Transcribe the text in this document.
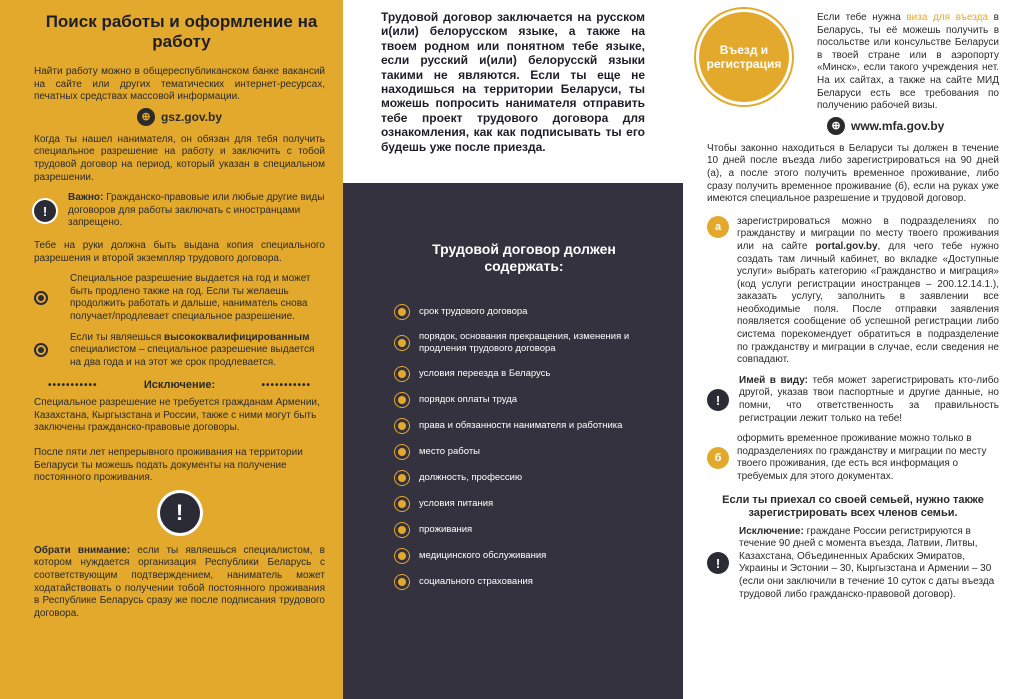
Поиск работы и оформление на работу

Найти работу можно в общереспубликанском банке вакансий на сайте или других тематических интернет-ресурсах, печатных средствах массовой информации.

⊕ gsz.gov.by

Когда ты нашел нанимателя, он обязан для тебя получить специальное разрешение на работу и заключить с тобой трудовой договор на период, который указан в специальном разрешении.

!

Важно: Гражданско-правовые или любые другие виды договоров для работы заключать с иностранцами запрещено.

Тебе на руки должна быть выдана копия специального разрешения и второй экземпляр трудового договора.

Специальное разрешение выдается на год и может быть продлено также на год. Если ты желаешь продолжить работать и дальше, наниматель снова получает/продлевает специальное разрешение.

Если ты являешься высококвалифицированным специалистом – специальное разрешение выдается на два года и на этот же срок продлевается.

•••••••••••	Исключение:	•••••••••••

Специальное разрешение не требуется гражданам Армении, Казахстана, Кыргызстана и России, также с ними могут быть заключены гражданско-правовые договоры.

После пяти лет непрерывного проживания на территории Беларуси ты можешь подать документы на получение постоянного проживания.

!

Обрати внимание: если ты являешься специалистом, в котором нуждается организация Республики Беларусь с соответствующим подтверждением, наниматель может ходатайствовать о получении тобой постоянного проживания в Республике Беларусь сразу же после подписания трудового договора.

Трудовой договор заключается на русском и(или) белорусском языке, а также на твоем родном или понятном тебе языке, если русский и(или) белорусскй языки такими не являются. Если ты еще не находишься на территории Беларуси, ты можешь попросить нанимателя отправить тебе проект трудового договора для ознакомления, как как подписывать ты его будешь уже после приезда.

Трудовой договор должен содержать:
срок трудового договора
порядок, основания прекращения, изменения и продления трудового договора
условия переезда в Беларусь
порядок оплаты труда
права и обязанности нанимателя и работника
место работы
должность, профессию
условия питания
проживания
медицинского обслуживания
социального страхования
Въезд и регистрация

Если тебе нужна виза для въезда в Беларусь, ты её можешь получить в посольстве или консульстве Беларуси в твоей стране или в аэропорту «Минск», если такого учреждения нет. На их сайтах, а также на сайте МИД Беларуси есть все требования по получению рабочей визы.

⊕ www.mfa.gov.by

Чтобы законно находиться в Беларуси ты должен в течение 10 дней после въезда либо зарегистрироваться на 90 дней (а), а после этого получить временное проживание, либо сразу получить временное проживание (б), если на руках уже имеются специальное разрешение и трудовой договор.

а	зарегистрироваться можно в подразделениях по гражданству и миграции по месту твоего проживания или на сайте portal.gov.by, для чего тебе нужно создать там личный кабинет, во вкладке «Доступные услуги» выбрать категорию «Гражданство и миграция» (код услуги регистрации иностранцев – 200.12.14.1.), заказать услугу, заполнить в заявлении все необходимые поля. После отправки заявления появляется сообщение об успешной регистрации либо система порекомендует обратиться в подразделение по гражданству и миграции в случае, если сведения не совпадают.

!

Имей в виду: тебя может зарегистрировать кто-либо другой, указав твои паспортные и другие данные, но помни, что ответственность за правильность регистрации лежит только на тебе!

б

оформить временное проживание можно только в подразделениях по гражданству и миграции по месту твоего проживания, где есть вся информация о требуемых для этого документах.

Если ты приехал со своей семьей, нужно также зарегистрировать всех членов семьи.

!

Исключение: граждане России регистрируются в течение 90 дней с момента въезда, Латвии, Литвы, Казахстана, Объединенных Арабских Эмиратов, Украины и Эстонии – 30, Кыргызстана и Армении – 30 (если они заключили в течение 10 суток с даты въезда трудовой либо гражданско-правовой договор).
